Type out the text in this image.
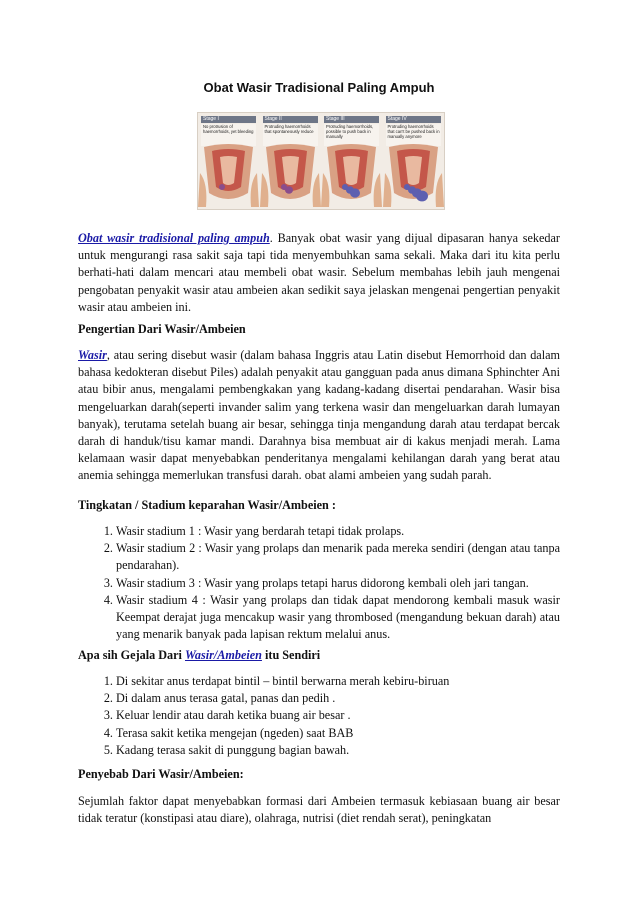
Obat Wasir Tradisional Paling Ampuh
Stage I
No protrusion of haemorrhoids, yet bleeding
Stage II
Protruding haemorrhoids that spontaneously reduce
Stage III
Protruding haemorrhoids, possible to push back in manually
Stage IV
Protruding haemorrhoids that can't be pushed back in manually anymore

Obat wasir tradisional paling ampuh. Banyak obat wasir yang dijual dipasaran hanya sekedar untuk mengurangi rasa sakit saja tapi tida menyembuhkan sama sekali. Maka dari itu kita perlu berhati-hati dalam mencari atau membeli obat wasir. Sebelum membahas lebih jauh mengenai pengobatan penyakit wasir atau ambeien akan sedikit saya jelaskan mengenai pengertian penyakit wasir atau ambeien ini.

Pengertian Dari Wasir/Ambeien

Wasir, atau sering disebut wasir (dalam bahasa Inggris atau Latin disebut Hemorrhoid dan dalam bahasa kedokteran disebut Piles) adalah penyakit atau gangguan pada anus dimana Sphinchter Ani atau bibir anus, mengalami pembengkakan yang kadang-kadang disertai pendarahan. Wasir bisa mengeluarkan darah(seperti invander salim yang terkena wasir dan mengeluarkan darah lumayan banyak), terutama setelah buang air besar, sehingga tinja mengandung darah atau terdapat bercak darah di handuk/tisu kamar mandi. Darahnya bisa membuat air di kakus menjadi merah. Lama kelamaan wasir dapat menyebabkan penderitanya mengalami kehilangan darah yang berat atau anemia sehingga memerlukan transfusi darah. obat alami ambeien yang sudah parah.

Tingkatan / Stadium keparahan Wasir/Ambeien :
1. Wasir stadium 1 : Wasir yang berdarah tetapi tidak prolaps.
2. Wasir stadium 2 : Wasir yang prolaps dan menarik pada mereka sendiri (dengan atau tanpa pendarahan).
3. Wasir stadium 3 : Wasir yang prolaps tetapi harus didorong kembali oleh jari tangan.
4. Wasir stadium 4 : Wasir yang prolaps dan tidak dapat mendorong kembali masuk wasir Keempat derajat juga mencakup wasir yang thrombosed (mengandung bekuan darah) atau yang menarik banyak pada lapisan rektum melalui anus.
Apa sih Gejala Dari Wasir/Ambeien itu Sendiri
1. Di sekitar anus terdapat bintil – bintil berwarna merah kebiru-biruan
2. Di dalam anus terasa gatal, panas dan pedih .
3. Keluar lendir atau darah ketika buang air besar .
4. Terasa sakit ketika mengejan (ngeden) saat BAB
5. Kadang terasa sakit di punggung bagian bawah.
Penyebab Dari Wasir/Ambeien:

Sejumlah faktor dapat menyebabkan formasi dari Ambeien termasuk kebiasaan buang air besar tidak teratur (konstipasi atau diare), olahraga, nutrisi (diet rendah serat), peningkatan
